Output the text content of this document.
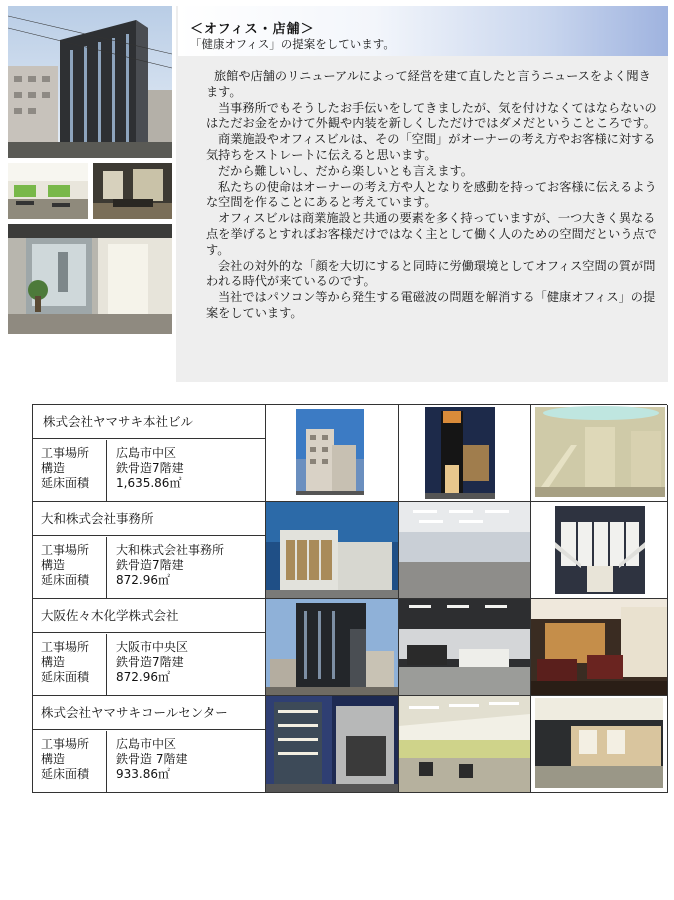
＜オフィス・店舗＞
「健康オフィス」の提案をしています。

旅館や店舗のリニューアルによって経営を建て直したと言うニュースをよく聞きます。

当事務所でもそうしたお手伝いをしてきましたが、気を付けなくてはならないのはただお金をかけて外観や内装を新しくしただけではダメだということころです。

商業施設やオフィスビルは、その「空間」がオーナーの考え方やお客様に対する気持ちをストレートに伝えると思います。

だから難しいし、だから楽しいとも言えます。

私たちの使命はオーナーの考え方や人となりを感動を持ってお客様に伝えるような空間を作ることにあると考えています。

オフィスビルは商業施設と共通の要素を多く持っていますが、一つ大きく異なる点を挙げるとすればお客様だけではなく主として働く人のための空間だという点です。

会社の対外的な「顔を大切にすると同時に労働環境としてオフィス空間の質が問われる時代が来ているのです。

当社ではパソコン等から発生する電磁波の問題を解消する「健康オフィス」の提案をしています。

株式会社ヤマサキ本社ビル
工事場所
構造
延床面積
広島市中区
鉄骨造7階建
1,635.86㎡
大和株式会社事務所
工事場所
構造
延床面積
大和株式会社事務所
鉄骨造7階建
872.96㎡
大阪佐々木化学株式会社
工事場所
構造
延床面積
大阪市中央区
鉄骨造7階建
872.96㎡
株式会社ヤマサキコールセンター
工事場所
構造
延床面積
広島市中区
鉄骨造 7階建
933.86㎡
